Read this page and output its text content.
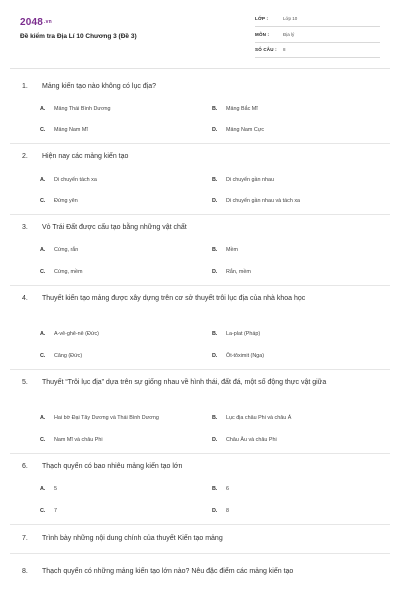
2048.vn
Đề kiểm tra Địa Lí 10 Chương 3 (Đề 3)
LỚP :	Lớp 10
MÔN :	Địa lý
SỐ CÂU : 8
1. Mảng kiến tạo nào không có lục địa?
A. Mảng Thái Bình Dương	B. Mảng Bắc Mĩ
C. Mảng Nam Mĩ	D. Mảng Nam Cực
2. Hiện nay các mảng kiến tạo
A. Di chuyển tách xa	B. Di chuyển gần nhau
C. Đứng yên	D. Di chuyển gần nhau và tách xa
3. Vỏ Trái Đất được cấu tạo bằng những vật chất
A. Cứng, rắn	B. Mềm
C. Cứng, mềm	D. Rắn, mềm
4. Thuyết kiến tạo mảng được xây dựng trên cơ sở thuyết trôi lục địa của nhà khoa học
A. A-vê-ghê-nê (Đức)	B. La-plat (Pháp)
C. Căng (Đức)	D. Ôt-tôximit (Nga)
5. Thuyết “Trôi lục địa” dựa trên sự giống nhau về hình thái, đất đá, một số động thực vật giữa
A. Hai bờ Đại Tây Dương và Thái Bình Dương	B. Lục địa châu Phi và châu Á
C. Nam Mĩ và châu Phi	D. Châu Âu và châu Phi
6. Thạch quyển có bao nhiêu mảng kiến tạo lớn
A. 5	B. 6
C. 7	D. 8
7. Trình bày những nội dung chính của thuyết Kiến tạo mảng
8. Thạch quyển có những mảng kiến tạo lớn nào? Nêu đặc điểm các mảng kiến tạo
